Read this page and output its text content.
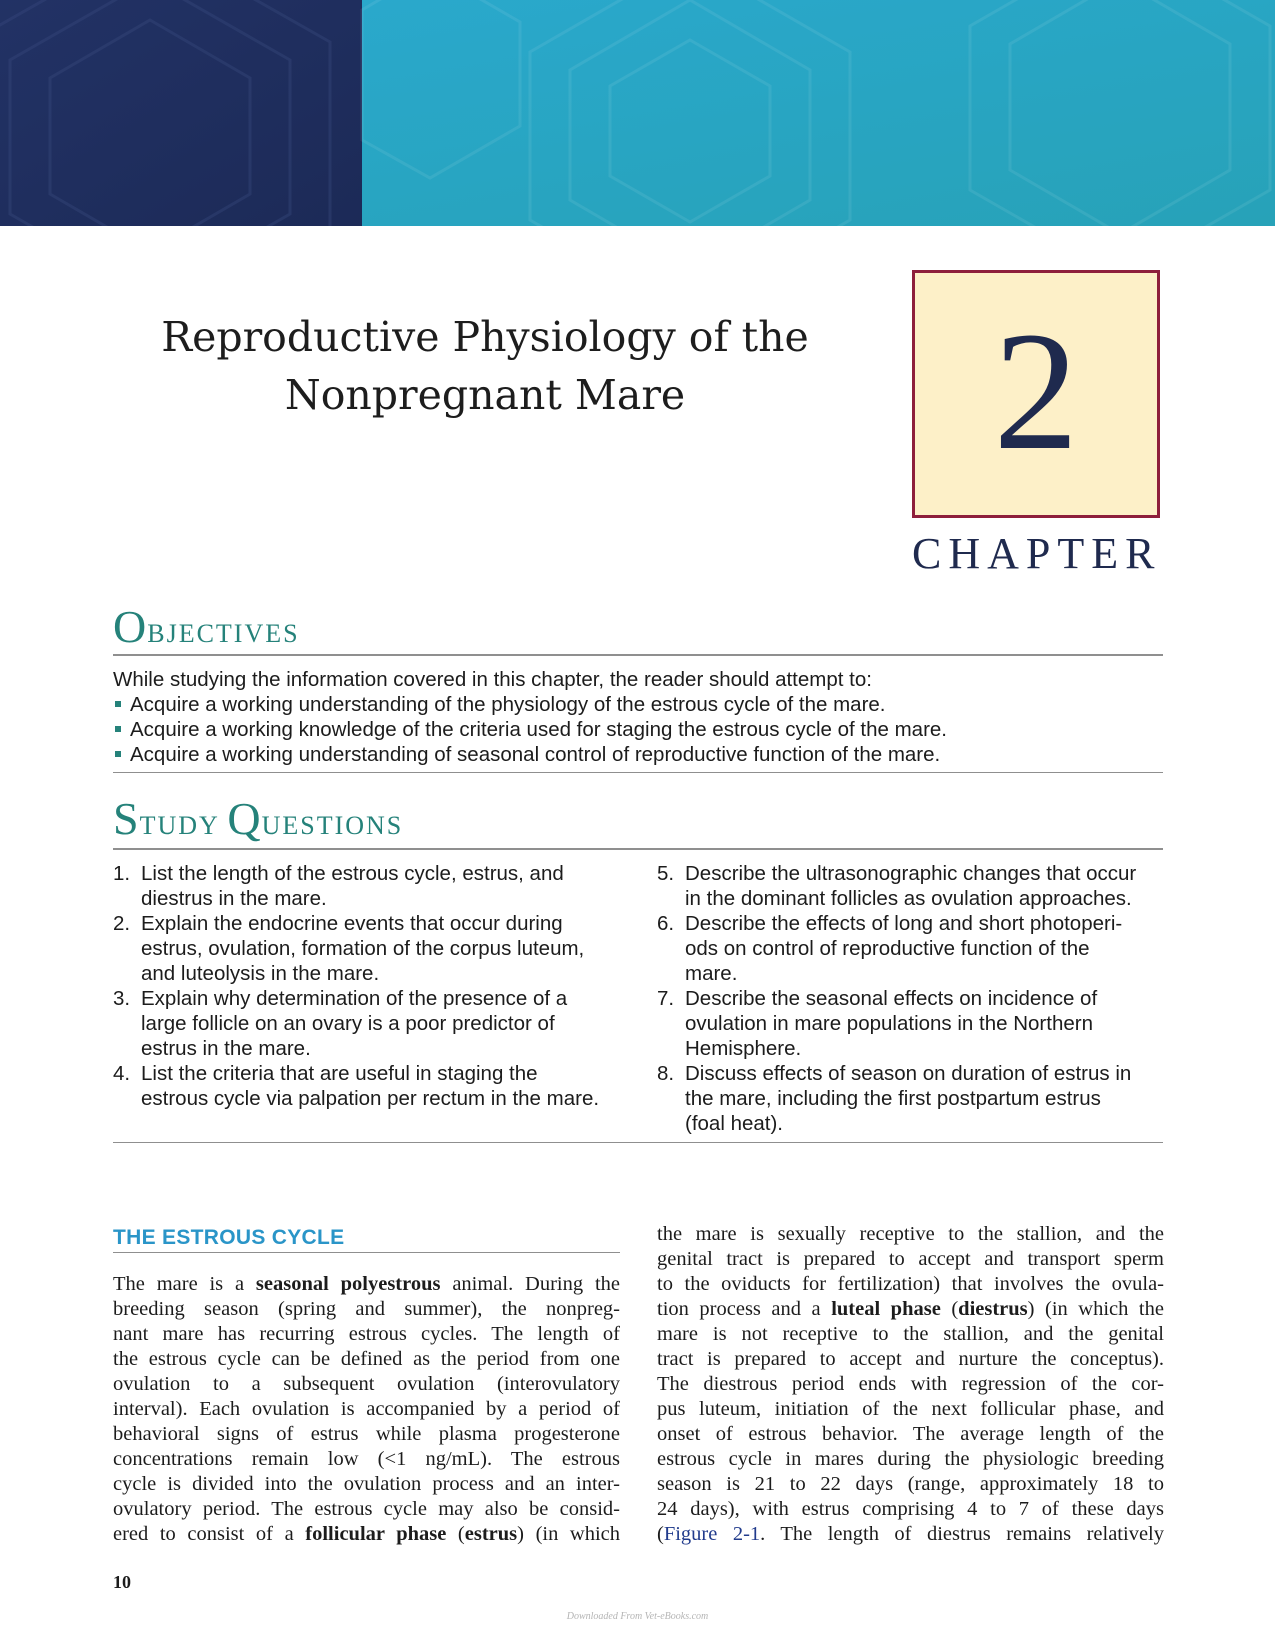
Reproductive Physiology of the
Nonpregnant Mare	2
CHAPTER
OBJECTIVES
While studying the information covered in this chapter, the reader should attempt to:
Acquire a working understanding of the physiology of the estrous cycle of the mare.
Acquire a working knowledge of the criteria used for staging the estrous cycle of the mare.
Acquire a working understanding of seasonal control of reproductive function of the mare.
STUDY QUESTIONS
1. List the length of the estrous cycle, estrus, and
diestrus in the mare.
2. Explain the endocrine events that occur during
estrus, ovulation, formation of the corpus luteum,
and luteolysis in the mare.
3. Explain why determination of the presence of a
large follicle on an ovary is a poor predictor of
estrus in the mare.
4. List the criteria that are useful in staging the
estrous cycle via palpation per rectum in the mare.
5. Describe the ultrasonographic changes that occur
in the dominant follicles as ovulation approaches.
6. Describe the effects of long and short photoperi-
ods on control of reproductive function of the
mare.
7. Describe the seasonal effects on incidence of
ovulation in mare populations in the Northern
Hemisphere.
8. Discuss effects of season on duration of estrus in
the mare, including the first postpartum estrus
(foal heat).
THE ESTROUS CYCLE
The mare is a seasonal polyestrous animal. During the
breeding season (spring and summer), the nonpreg-
nant mare has recurring estrous cycles. The length of
the estrous cycle can be defined as the period from one
ovulation to a subsequent ovulation (interovulatory
interval). Each ovulation is accompanied by a period of
behavioral signs of estrus while plasma progesterone
concentrations remain low (<1 ng/mL). The estrous
cycle is divided into the ovulation process and an inter-
ovulatory period. The estrous cycle may also be consid-
ered to consist of a follicular phase (estrus) (in which
the mare is sexually receptive to the stallion, and the
genital tract is prepared to accept and transport sperm
to the oviducts for fertilization) that involves the ovula-
tion process and a luteal phase (diestrus) (in which the
mare is not receptive to the stallion, and the genital
tract is prepared to accept and nurture the conceptus).
The diestrous period ends with regression of the cor-
pus luteum, initiation of the next follicular phase, and
onset of estrous behavior. The average length of the
estrous cycle in mares during the physiologic breeding
season is 21 to 22 days (range, approximately 18 to
24 days), with estrus comprising 4 to 7 of these days
(Figure 2-1. The length of diestrus remains relatively
10
Downloaded From Vet-eBooks.com
